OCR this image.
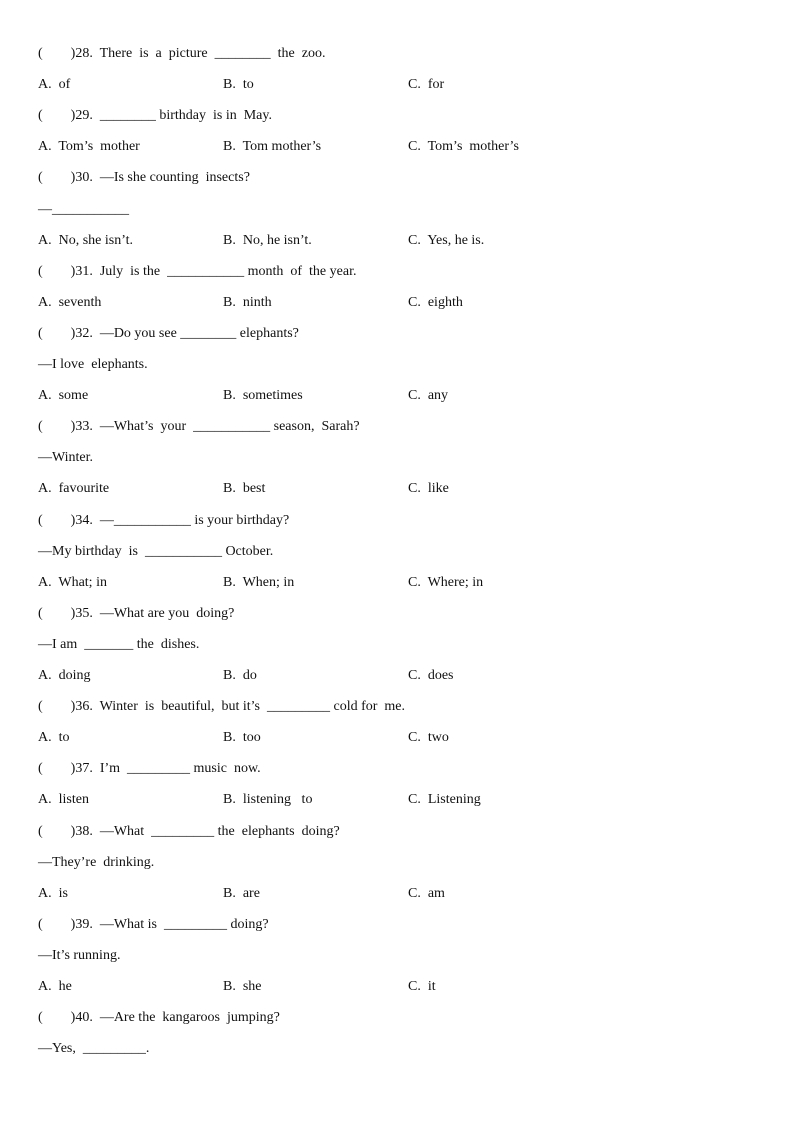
(        )28.  There  is  a  picture  ________  the  zoo.
A.  of	B.  to	C.  for
(        )29.  ________ birthday  is in  May.
A.  Tom’s  mother	B.  Tom mother’s	C.  Tom’s  mother’s
(        )30.  —Is she counting  insects?
—___________
A.  No, she isn’t.	B.  No, he isn’t.	C.  Yes, he is.
(        )31.  July  is the  ___________ month  of  the year.
A.  seventh	B.  ninth	C.  eighth
(        )32.  —Do you see ________ elephants?
—I love  elephants.
A.  some	B.  sometimes	C.  any
(        )33.  —What’s  your  ___________ season,  Sarah?
—Winter.
A.  favourite	B.  best	C.  like
(        )34.  —___________ is your birthday?
—My birthday  is  ___________ October.
A.  What; in	B.  When; in	C.  Where; in
(        )35.  —What are you  doing?
—I am  _______ the  dishes.
A.  doing	B.  do	C.  does
(        )36.  Winter  is  beautiful,  but it’s  _________ cold for  me.
A.  to	B.  too	C.  two
(        )37.  I’m  _________ music  now.
A.  listen	B.  listening   to	C.  Listening
(        )38.  —What  _________ the  elephants  doing?
—They’re  drinking.
A.  is	B.  are	C.  am
(        )39.  —What is  _________ doing?
—It’s running.
A.  he	B.  she	C.  it
(        )40.  —Are the  kangaroos  jumping?
—Yes,  _________.
